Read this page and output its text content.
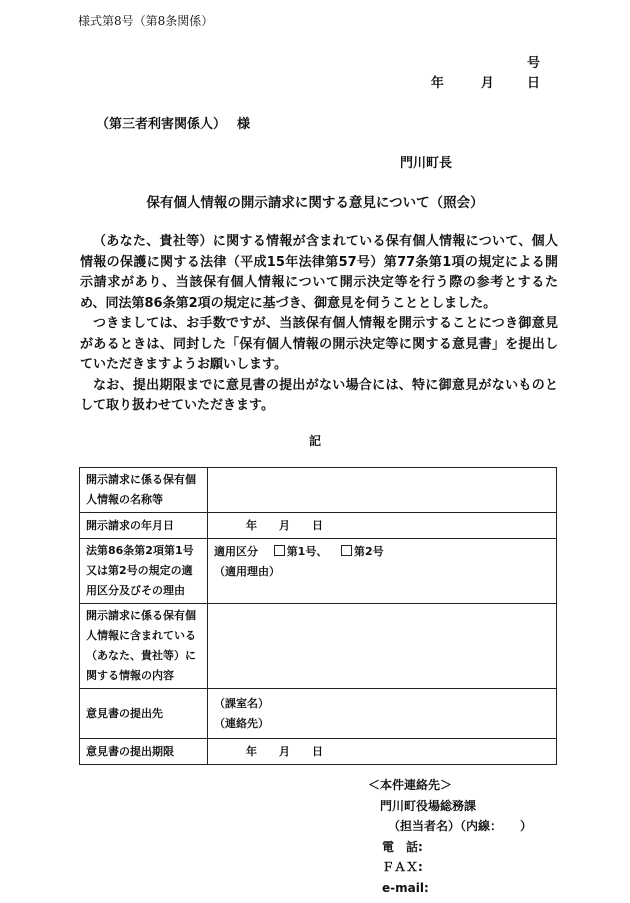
様式第8号（第8条関係）
号
年	月	日
（第三者利害関係人）　 様
門川町長
保有個人情報の開示請求に関する意見について（照会）

（あなた、貴社等）に関する情報が含まれている保有個人情報について、個人情報の保護に関する法律（平成15年法律第57号）第77条第1項の規定による開示請求があり、当該保有個人情報について開示決定等を行う際の参考とするため、同法第86条第2項の規定に基づき、御意見を伺うこととしました。

つきましては、お手数ですが、当該保有個人情報を開示することにつき御意見があるときは、同封した「保有個人情報の開示決定等に関する意見書」を提出していただきますようお願いします。

なお、提出期限までに意見書の提出がない場合には、特に御意見がないものとして取り扱わせていただきます。

記
開示請求に係る保有個人情報の名称等	
開示請求の年月日	年　　月　　日
法第86条第2項第1号又は第2号の規定の適用区分及びその理由	適用区分 第1号、 第2号
（適用理由）

開示請求に係る保有個人情報に含まれている（あなた、貴社等）に関する情報の内容	
意見書の提出先	（課室名）
（連絡先）

意見書の提出期限	年　　月　　日
＜本件連絡先＞
門川町役場総務課
（担当者名）（内線：　　）
電　話:
ＦＡＸ:
e-mail:
